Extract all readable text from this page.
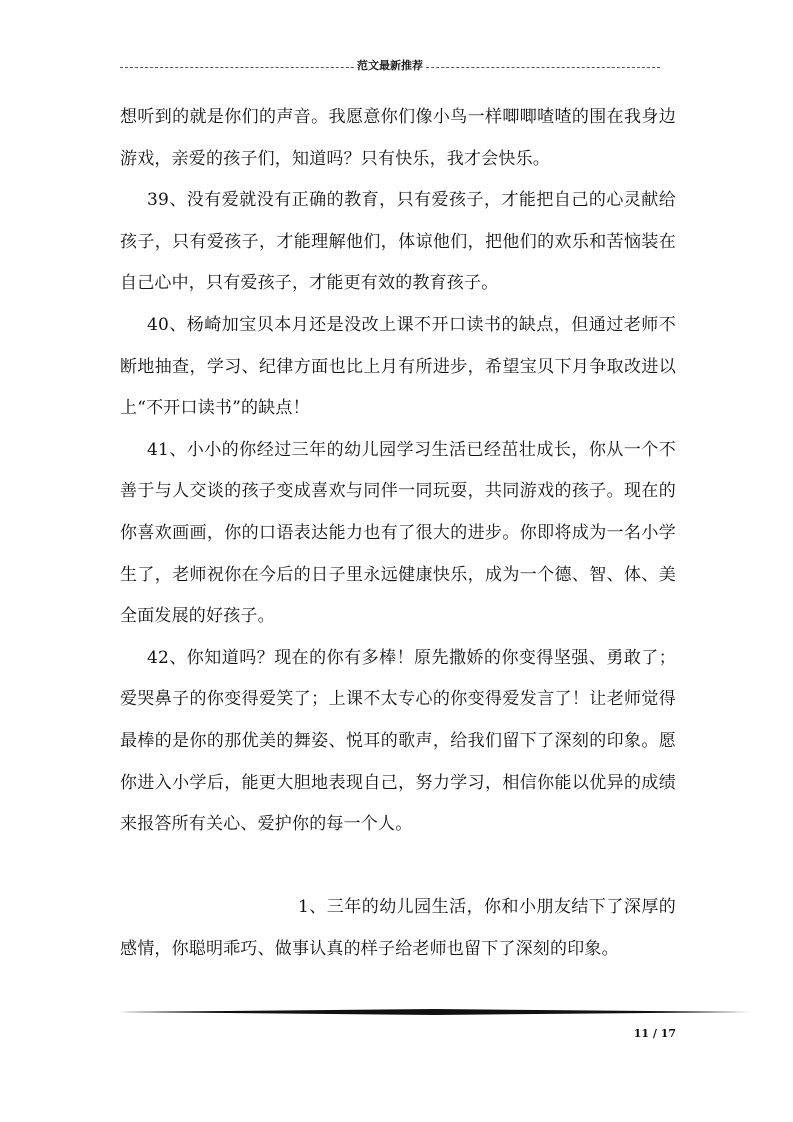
范文最新推荐

想听到的就是你们的声音。我愿意你们像小鸟一样唧唧喳喳的围在我身边游戏，亲爱的孩子们，知道吗？只有快乐，我才会快乐。

39、没有爱就没有正确的教育，只有爱孩子，才能把自己的心灵献给孩子，只有爱孩子，才能理解他们，体谅他们，把他们的欢乐和苦恼装在自己心中，只有爱孩子，才能更有效的教育孩子。

40、杨崎加宝贝本月还是没改上课不开口读书的缺点，但通过老师不断地抽查，学习、纪律方面也比上月有所进步，希望宝贝下月争取改进以上“不开口读书”的缺点！

41、小小的你经过三年的幼儿园学习生活已经茁壮成长，你从一个不善于与人交谈的孩子变成喜欢与同伴一同玩耍，共同游戏的孩子。现在的你喜欢画画，你的口语表达能力也有了很大的进步。你即将成为一名小学生了，老师祝你在今后的日子里永远健康快乐，成为一个德、智、体、美全面发展的好孩子。

42、你知道吗？现在的你有多棒！原先撒娇的你变得坚强、勇敢了；爱哭鼻子的你变得爱笑了；上课不太专心的你变得爱发言了！让老师觉得最棒的是你的那优美的舞姿、悦耳的歌声，给我们留下了深刻的印象。愿你进入小学后，能更大胆地表现自己，努力学习，相信你能以优异的成绩来报答所有关心、爱护你的每一个人。

1、三年的幼儿园生活，你和小朋友结下了深厚的感情，你聪明乖巧、做事认真的样子给老师也留下了深刻的印象。

11 / 17
